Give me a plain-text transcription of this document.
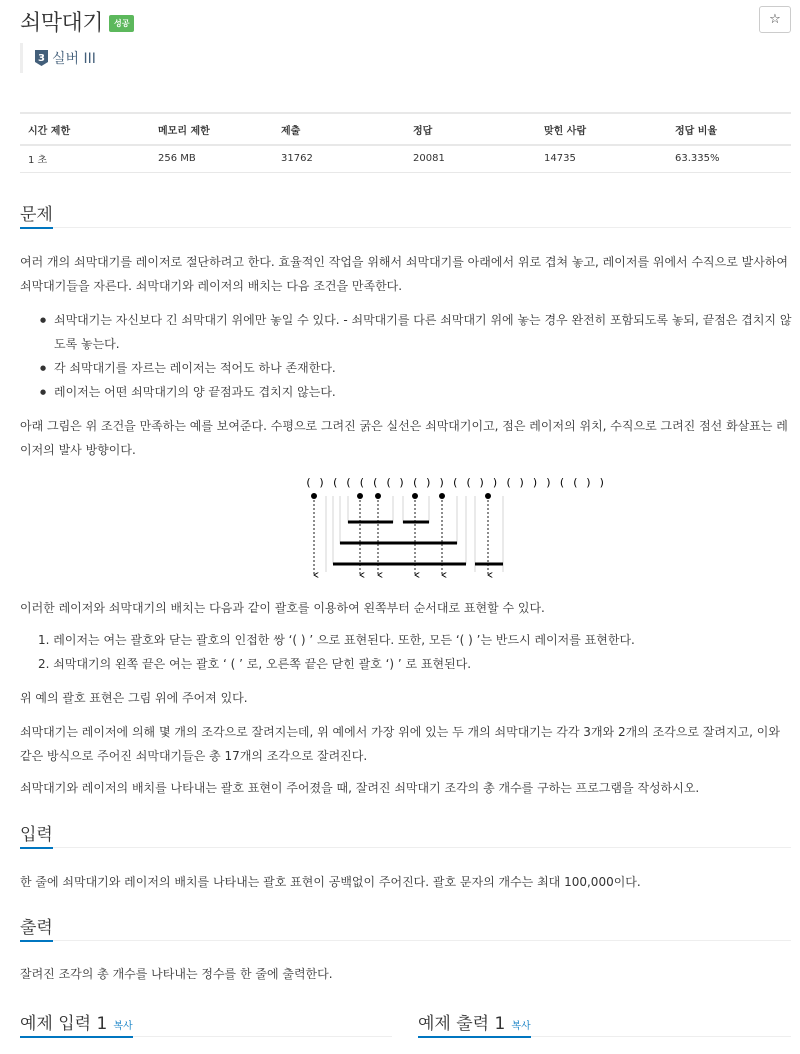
쇠막대기	성공	☆
3 실버 III
시간 제한	메모리 제한	제출	정답	맞힌 사람	정답 비율
1 초	256 MB	31762	20081	14735	63.335%
문제

여러 개의 쇠막대기를 레이저로 절단하려고 한다. 효율적인 작업을 위해서 쇠막대기를 아래에서 위로 겹쳐 놓고, 레이저를 위에서 수직으로 발사하여 쇠막대기들을 자른다. 쇠막대기와 레이저의 배치는 다음 조건을 만족한다.

● 쇠막대기는 자신보다 긴 쇠막대기 위에만 놓일 수 있다. - 쇠막대기를 다른 쇠막대기 위에 놓는 경우 완전히 포함되도록 놓되, 끝점은 겹치지 않도록 놓는다.
● 각 쇠막대기를 자르는 레이저는 적어도 하나 존재한다.
● 레이저는 어떤 쇠막대기의 양 끝점과도 겹치지 않는다.

아래 그림은 위 조건을 만족하는 예를 보여준다. 수평으로 그려진 굵은 실선은 쇠막대기이고, 점은 레이저의 위치, 수직으로 그려진 점선 화살표는 레이저의 발사 방향이다.

( ) ( ( ( ( ( ) ( ) ) ( ( ) ) ( ) ) ) ( ( ) )

이러한 레이저와 쇠막대기의 배치는 다음과 같이 괄호를 이용하여 왼쪽부터 순서대로 표현할 수 있다.

1. 레이저는 여는 괄호와 닫는 괄호의 인접한 쌍 ‘( ) ’ 으로 표현된다. 또한, 모든 ‘( ) ’는 반드시 레이저를 표현한다.
2. 쇠막대기의 왼쪽 끝은 여는 괄호 ‘ ( ’ 로, 오른쪽 끝은 닫힌 괄호 ‘) ’ 로 표현된다.

위 예의 괄호 표현은 그림 위에 주어져 있다.

쇠막대기는 레이저에 의해 몇 개의 조각으로 잘려지는데, 위 예에서 가장 위에 있는 두 개의 쇠막대기는 각각 3개와 2개의 조각으로 잘려지고, 이와 같은 방식으로 주어진 쇠막대기들은 총 17개의 조각으로 잘려진다.

쇠막대기와 레이저의 배치를 나타내는 괄호 표현이 주어졌을 때, 잘려진 쇠막대기 조각의 총 개수를 구하는 프로그램을 작성하시오.

입력

한 줄에 쇠막대기와 레이저의 배치를 나타내는 괄호 표현이 공백없이 주어진다. 괄호 문자의 개수는 최대 100,000이다.

출력

잘려진 조각의 총 개수를 나타내는 정수를 한 줄에 출력한다.

예제 입력 1 복사	예제 출력 1 복사
